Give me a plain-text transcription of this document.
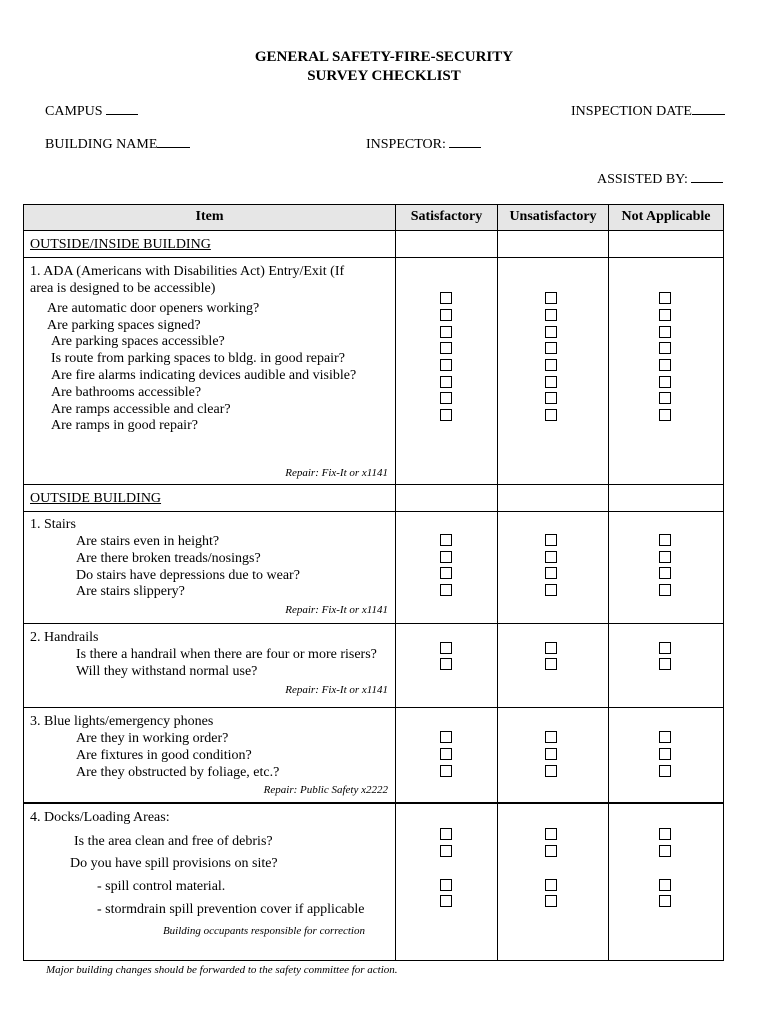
GENERAL SAFETY-FIRE-SECURITY
SURVEY CHECKLIST
CAMPUS	INSPECTION DATE
BUILDING NAME	INSPECTOR:
ASSISTED BY:
Item	Satisfactory	Unsatisfactory	Not Applicable
OUTSIDE/INSIDE BUILDING
1. ADA (Americans with Disabilities Act) Entry/Exit (If
area is designed to be accessible)
Are automatic door openers working?
Are parking spaces signed?
Are parking spaces accessible?
Is route from parking spaces to bldg. in good repair?
Are fire alarms indicating devices audible and visible?
Are bathrooms accessible?
Are ramps accessible and clear?
Are ramps in good repair?
Repair: Fix-It or x1141
OUTSIDE BUILDING
1. Stairs
Are stairs even in height?
Are there broken treads/nosings?
Do stairs have depressions due to wear?
Are stairs slippery?
Repair: Fix-It or x1141
2. Handrails
Is there a handrail when there are four or more risers?
Will they withstand normal use?
Repair: Fix-It or x1141
3. Blue lights/emergency phones
Are they in working order?
Are fixtures in good condition?
Are they obstructed by foliage, etc.?
Repair: Public Safety x2222
4. Docks/Loading Areas:
Is the area clean and free of debris?
Do you have spill provisions on site?
- spill control material.
- stormdrain spill prevention cover if applicable
Building occupants responsible for correction
Major building changes should be forwarded to the safety committee for action.
